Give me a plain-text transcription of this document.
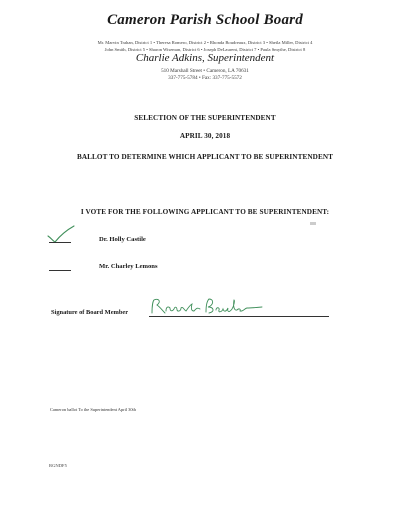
Cameron Parish School Board
Mr. Marvin Trahan, District 1 • Theresa Romero, District 2 • Rhonda Boudreaux, District 3 • Sheila Miller, District 4
John Smith, District 5 • Sharon Wiseman, District 6 • Joseph DeLaurent, District 7 • Paula Smythe, District 8
Charlie Adkins, Superintendent
510 Marshall Street • Cameron, LA 70631
337-775-5784 • Fax: 337-775-5572
SELECTION OF THE SUPERINTENDENT
APRIL 30, 2018
BALLOT TO DETERMINE WHICH APPLICANT TO BE SUPERINTENDENT
I VOTE FOR THE FOLLOWING APPLICANT TO BE SUPERINTENDENT:
Dr. Holly Castile
Mr. Charley Lemons
Signature of Board Member
Cameron ballot To the Superintendent April 30th
RGNDF5
